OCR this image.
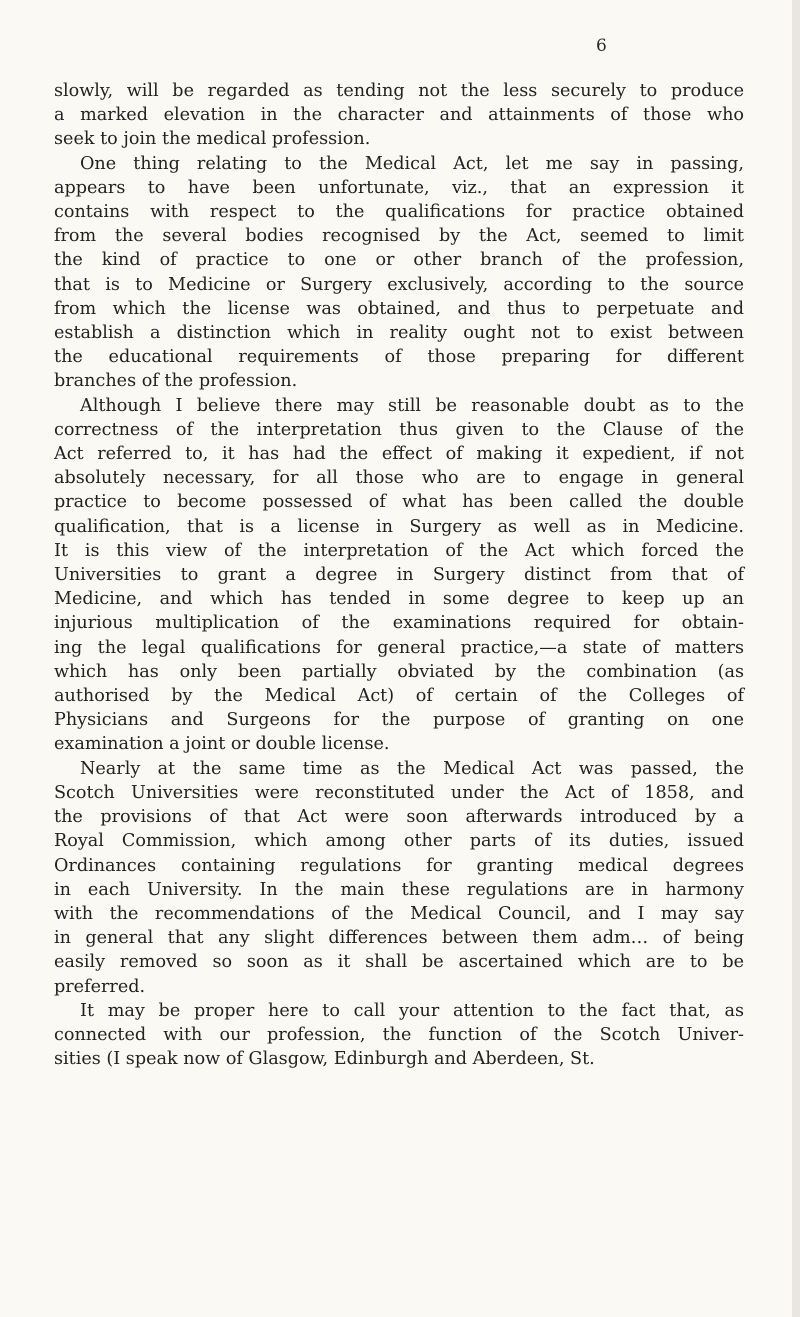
6
slowly, will be regarded as tending not the less securely to produce
a marked elevation in the character and attainments of those who
seek to join the medical profession.
One thing relating to the Medical Act, let me say in passing,
appears to have been unfortunate, viz., that an expression it
contains with respect to the qualifications for practice obtained
from the several bodies recognised by the Act, seemed to limit
the kind of practice to one or other branch of the profession,
that is to Medicine or Surgery exclusively, according to the source
from which the license was obtained, and thus to perpetuate and
establish a distinction which in reality ought not to exist between
the educational requirements of those preparing for different
branches of the profession.
Although I believe there may still be reasonable doubt as to the
correctness of the interpretation thus given to the Clause of the
Act referred to, it has had the effect of making it expedient, if not
absolutely necessary, for all those who are to engage in general
practice to become possessed of what has been called the double
qualification, that is a license in Surgery as well as in Medicine.
It is this view of the interpretation of the Act which forced the
Universities to grant a degree in Surgery distinct from that of
Medicine, and which has tended in some degree to keep up an
injurious multiplication of the examinations required for obtain-
ing the legal qualifications for general practice,—a state of matters
which has only been partially obviated by the combination (as
authorised by the Medical Act) of certain of the Colleges of
Physicians and Surgeons for the purpose of granting on one
examination a joint or double license.
Nearly at the same time as the Medical Act was passed, the
Scotch Universities were reconstituted under the Act of 1858, and
the provisions of that Act were soon afterwards introduced by a
Royal Commission, which among other parts of its duties, issued
Ordinances containing regulations for granting medical degrees
in each University. In the main these regulations are in harmony
with the recommendations of the Medical Council, and I may say
in general that any slight differences between them adm… of being
easily removed so soon as it shall be ascertained which are to be
preferred.
It may be proper here to call your attention to the fact that, as
connected with our profession, the function of the Scotch Univer-
sities (I speak now of Glasgow, Edinburgh and Aberdeen, St.
